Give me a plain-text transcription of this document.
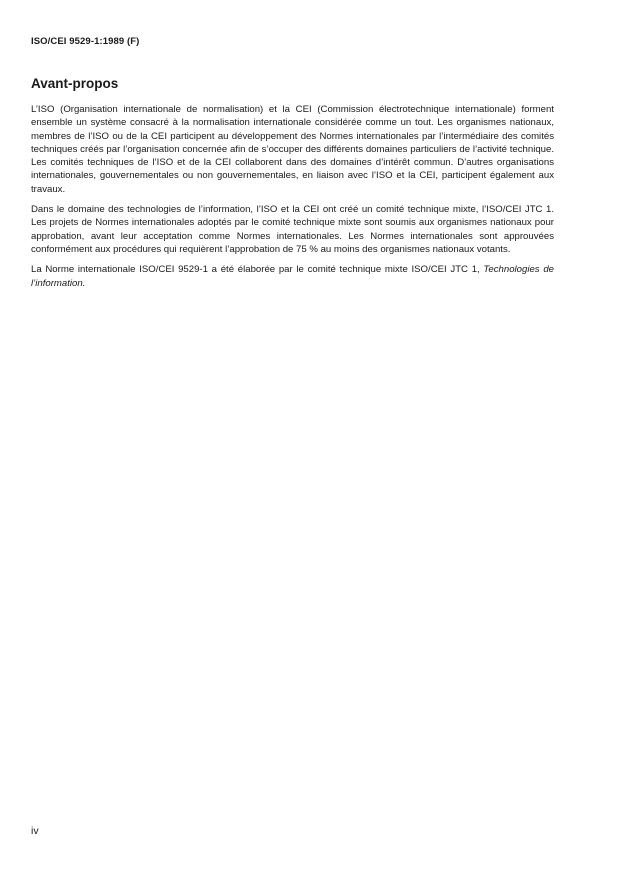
ISO/CEI 9529-1:1989 (F)
Avant-propos

L’ISO (Organisation internationale de normalisation) et la CEI (Commission électrotechnique internationale) forment ensemble un système consacré à la normalisation internationale considérée comme un tout. Les organismes nationaux, membres de l’ISO ou de la CEI participent au développement des Normes internationales par l’intermédiaire des comités techniques créés par l’organisation concernée afin de s’occuper des différents domaines particuliers de l’activité technique. Les comités techniques de l’ISO et de la CEI collaborent dans des domaines d’intérêt commun. D’autres organisations internationales, gouvernementales ou non gouvernementales, en liaison avec l’ISO et la CEI, participent également aux travaux.

Dans le domaine des technologies de l’information, l’ISO et la CEI ont créé un comité technique mixte, l’ISO/CEI JTC 1. Les projets de Normes internationales adoptés par le comité technique mixte sont soumis aux organismes nationaux pour approbation, avant leur acceptation comme Normes internationales. Les Normes internationales sont approuvées conformément aux procédures qui requièrent l’approbation de 75 % au moins des organismes nationaux votants.

La Norme internationale ISO/CEI 9529-1 a été élaborée par le comité technique mixte ISO/CEI JTC 1, Technologies de l’information.

iv
